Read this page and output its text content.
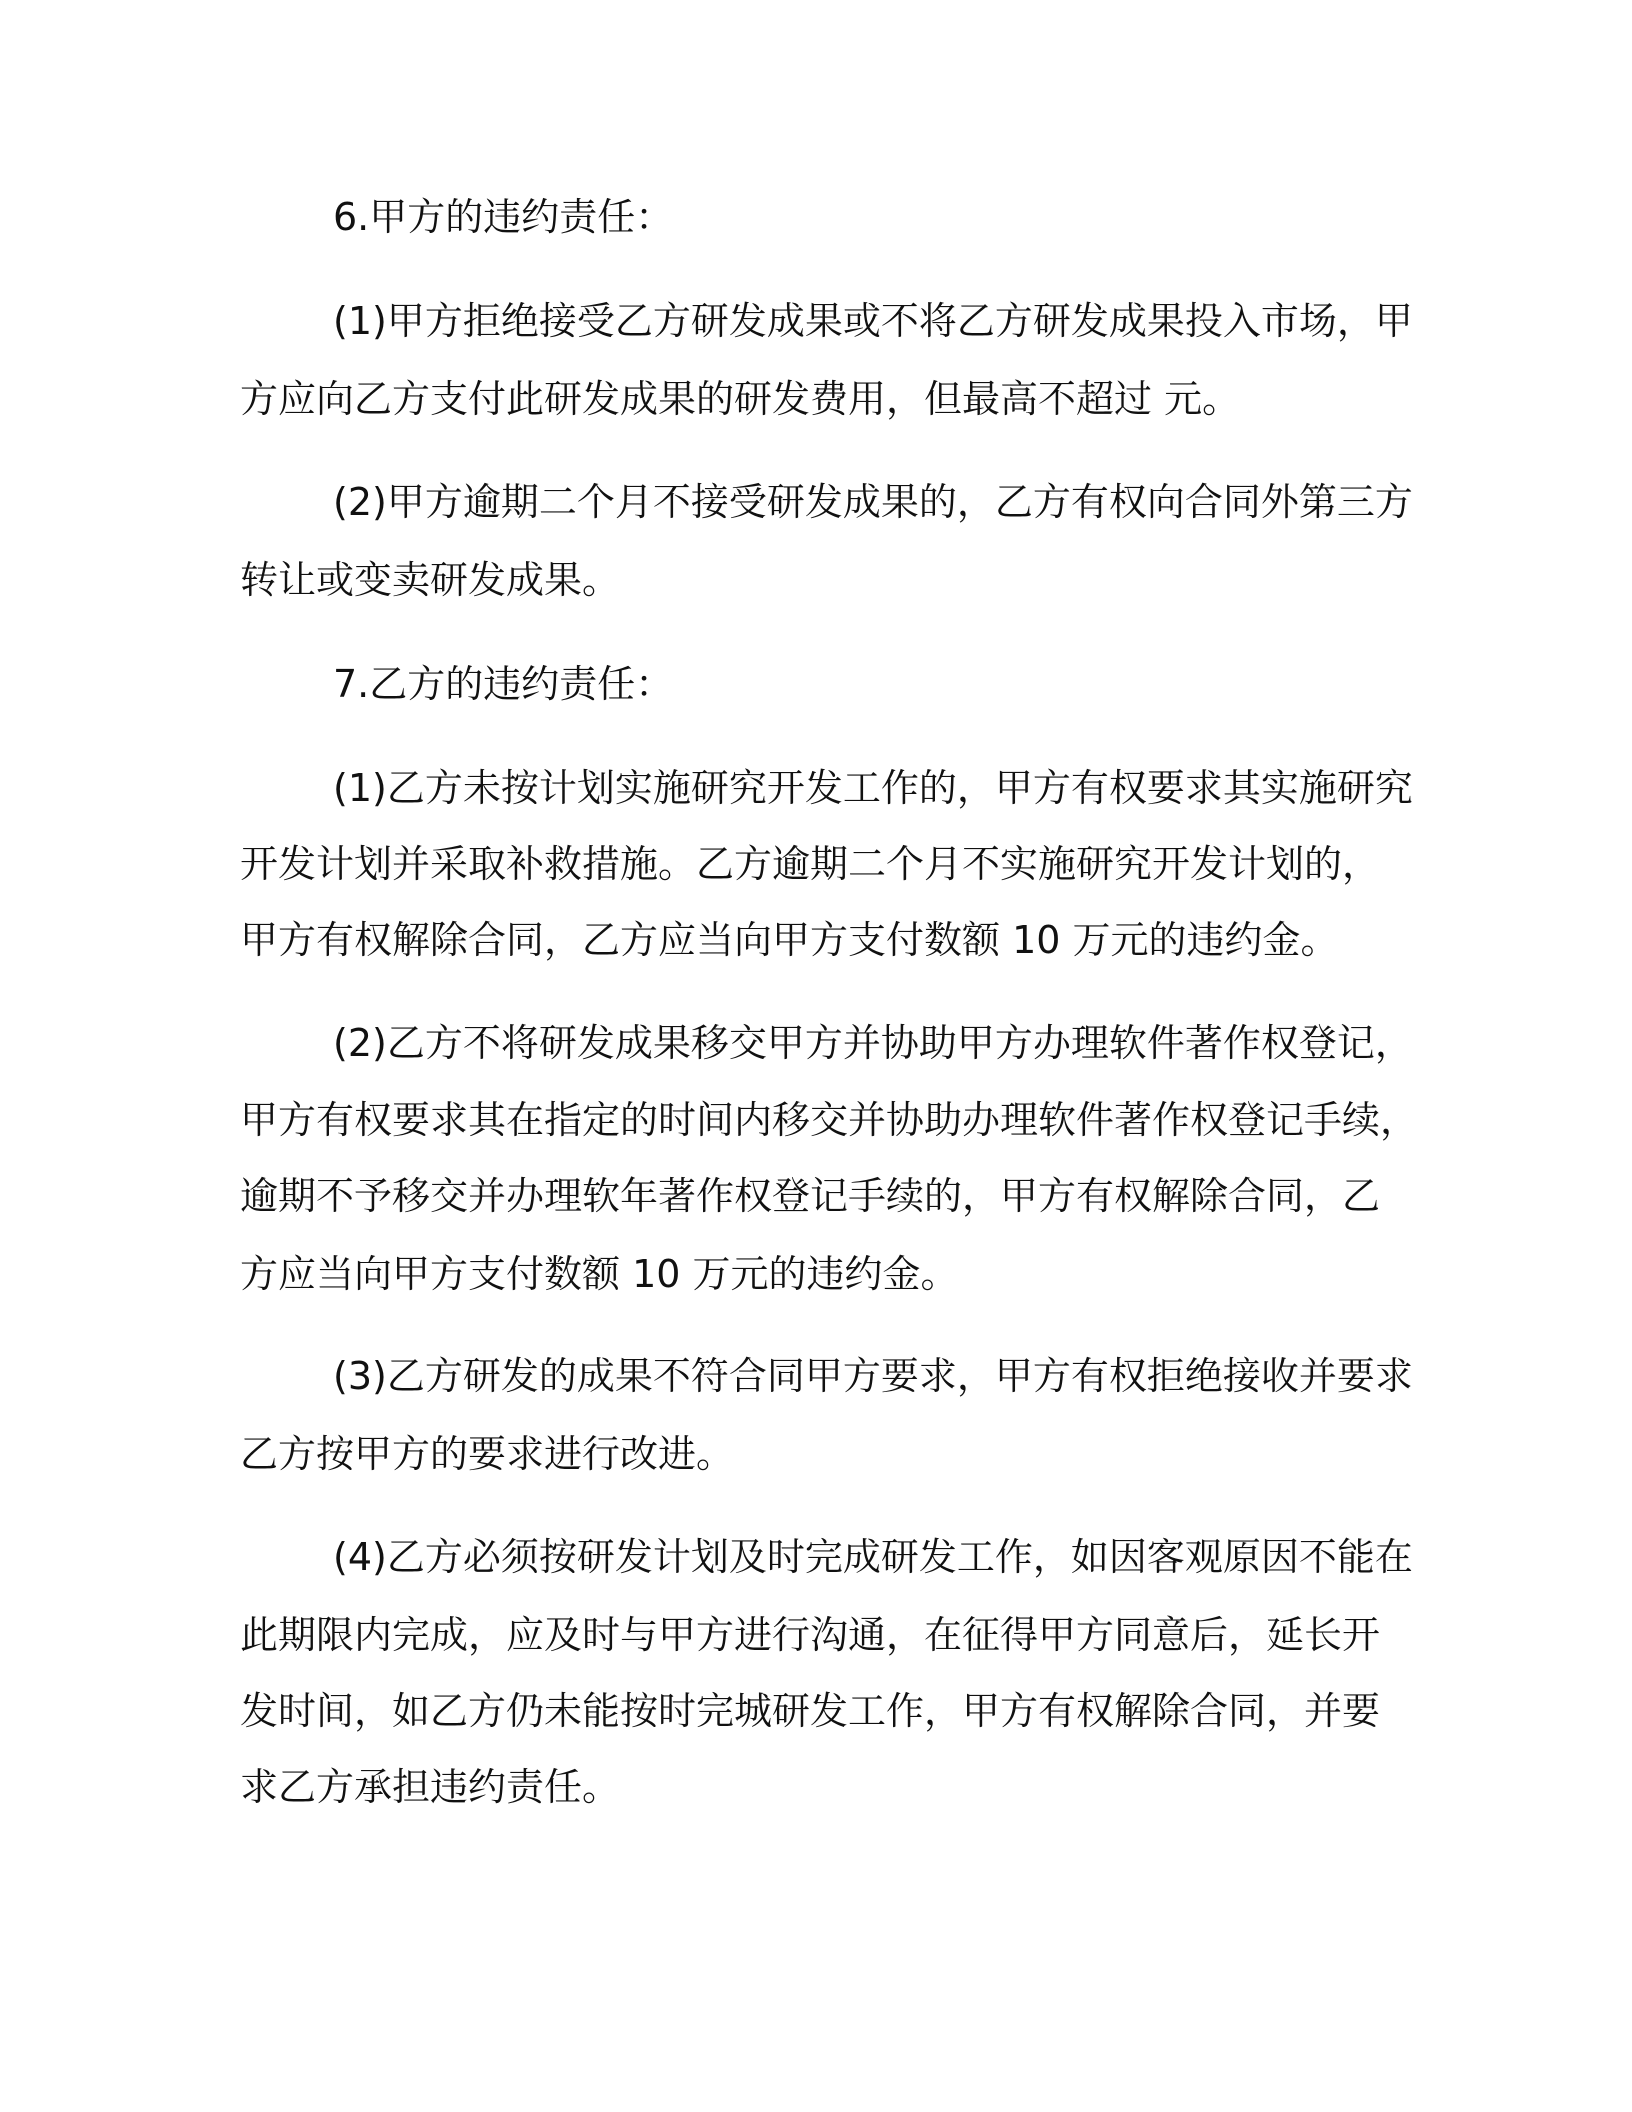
6.甲方的违约责任：

(1)甲方拒绝接受乙方研发成果或不将乙方研发成果投入市场，甲

方应向乙方支付此研发成果的研发费用，但最高不超过 元。

(2)甲方逾期二个月不接受研发成果的，乙方有权向合同外第三方

转让或变卖研发成果。

7.乙方的违约责任：

(1)乙方未按计划实施研究开发工作的，甲方有权要求其实施研究

开发计划并采取补救措施。乙方逾期二个月不实施研究开发计划的，

甲方有权解除合同，乙方应当向甲方支付数额 10 万元的违约金。

(2)乙方不将研发成果移交甲方并协助甲方办理软件著作权登记，

甲方有权要求其在指定的时间内移交并协助办理软件著作权登记手续，

逾期不予移交并办理软年著作权登记手续的，甲方有权解除合同，乙

方应当向甲方支付数额 10 万元的违约金。

(3)乙方研发的成果不符合同甲方要求，甲方有权拒绝接收并要求

乙方按甲方的要求进行改进。

(4)乙方必须按研发计划及时完成研发工作，如因客观原因不能在

此期限内完成，应及时与甲方进行沟通，在征得甲方同意后，延长开

发时间，如乙方仍未能按时完城研发工作，甲方有权解除合同，并要

求乙方承担违约责任。
